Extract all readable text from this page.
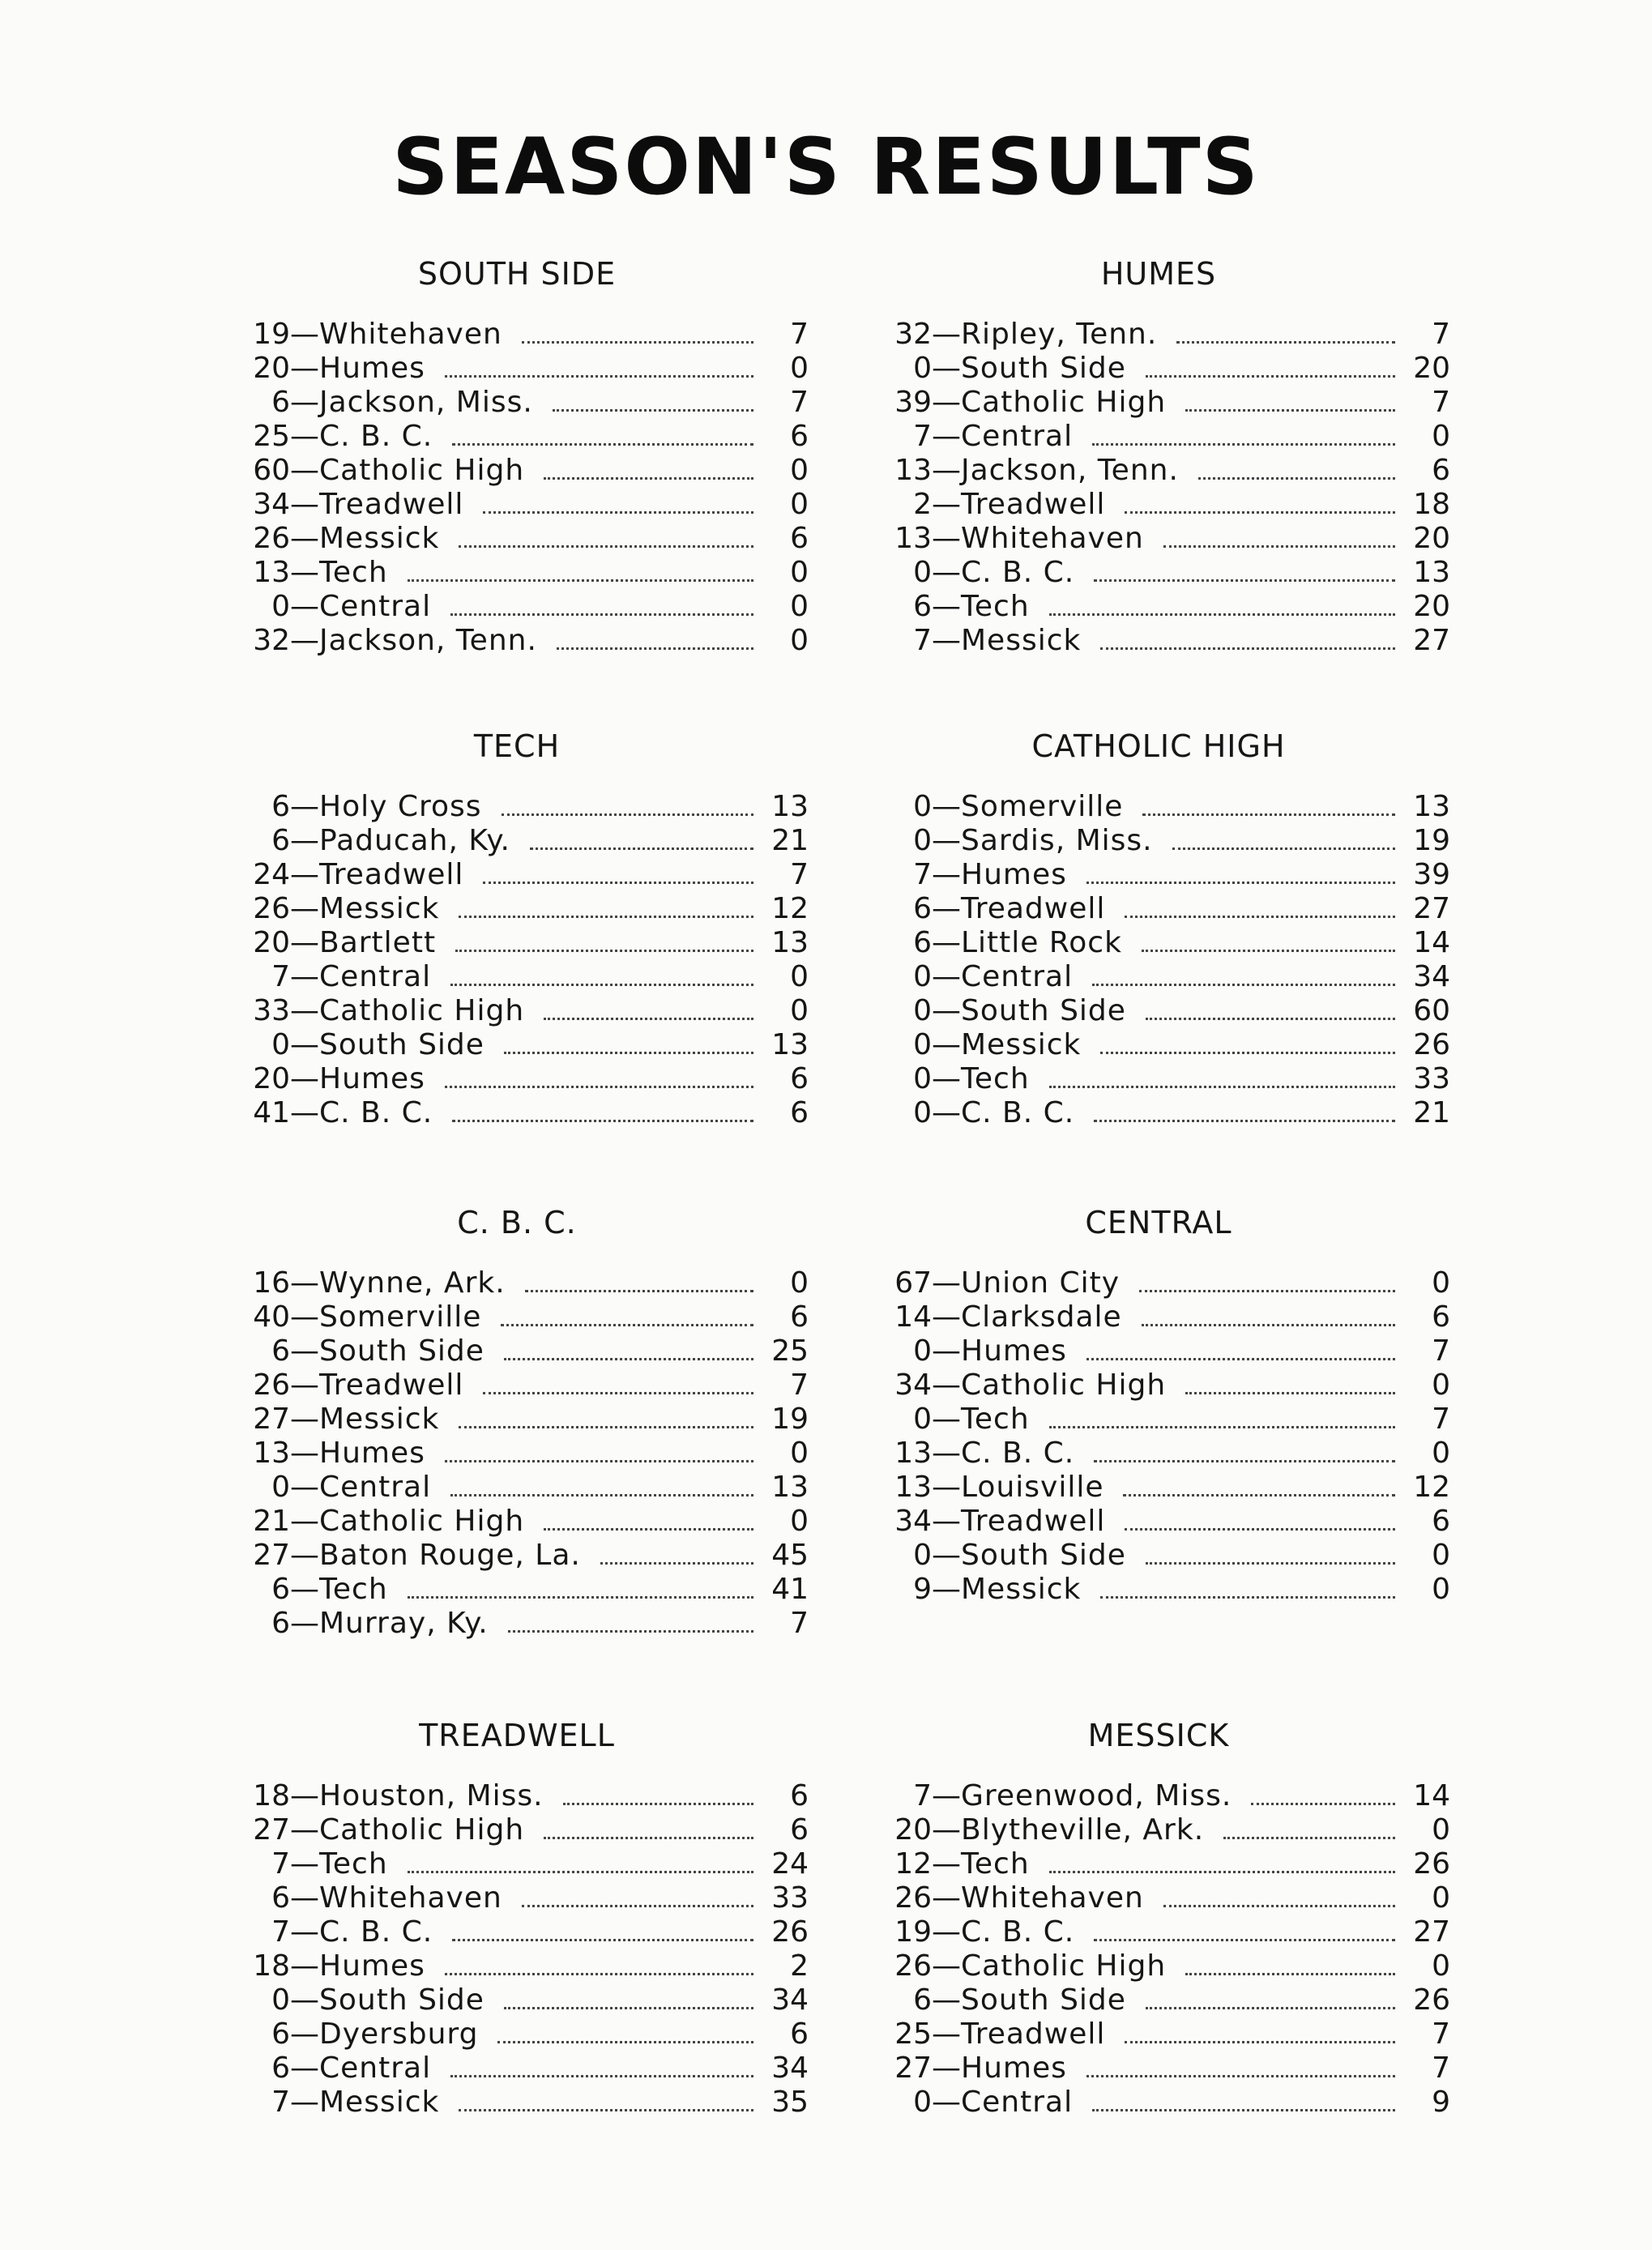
SEASON'S RESULTS
SOUTH SIDE
19 — Whitehaven	7
20 — Humes	0
6 — Jackson, Miss.	7
25 — C. B. C.	6
60 — Catholic High	0
34 — Treadwell	0
26 — Messick	6
13 — Tech	0
0 — Central	0
32 — Jackson, Tenn.	0
HUMES
32 — Ripley, Tenn.	7
0 — South Side	20
39 — Catholic High	7
7 — Central	0
13 — Jackson, Tenn.	6
2 — Treadwell	18
13 — Whitehaven	20
0 — C. B. C.	13
6 — Tech	20
7 — Messick	27
TECH
6 — Holy Cross	13
6 — Paducah, Ky.	21
24 — Treadwell	7
26 — Messick	12
20 — Bartlett	13
7 — Central	0
33 — Catholic High	0
0 — South Side	13
20 — Humes	6
41 — C. B. C.	6
CATHOLIC HIGH
0 — Somerville	13
0 — Sardis, Miss.	19
7 — Humes	39
6 — Treadwell	27
6 — Little Rock	14
0 — Central	34
0 — South Side	60
0 — Messick	26
0 — Tech	33
0 — C. B. C.	21
C. B. C.
16 — Wynne, Ark.	0
40 — Somerville	6
6 — South Side	25
26 — Treadwell	7
27 — Messick	19
13 — Humes	0
0 — Central	13
21 — Catholic High	0
27 — Baton Rouge, La.	45
6 — Tech	41
6 — Murray, Ky.	7
CENTRAL
67 — Union City	0
14 — Clarksdale	6
0 — Humes	7
34 — Catholic High	0
0 — Tech	7
13 — C. B. C.	0
13 — Louisville	12
34 — Treadwell	6
0 — South Side	0
9 — Messick	0
TREADWELL
18 — Houston, Miss.	6
27 — Catholic High	6
7 — Tech	24
6 — Whitehaven	33
7 — C. B. C.	26
18 — Humes	2
0 — South Side	34
6 — Dyersburg	6
6 — Central	34
7 — Messick	35
MESSICK
7 — Greenwood, Miss.	14
20 — Blytheville, Ark.	0
12 — Tech	26
26 — Whitehaven	0
19 — C. B. C.	27
26 — Catholic High	0
6 — South Side	26
25 — Treadwell	7
27 — Humes	7
0 — Central	9
